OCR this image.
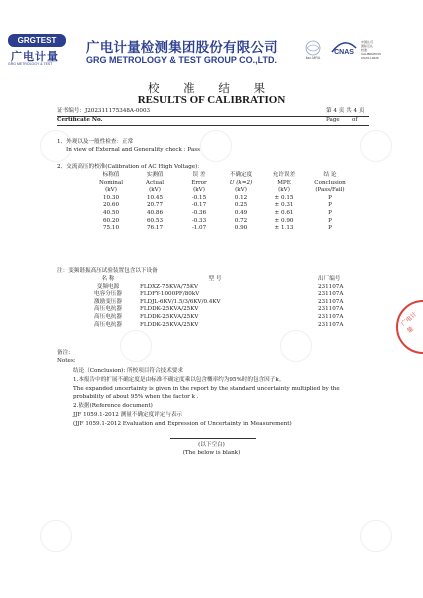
GRGTEST
广电计量
GRG METROLOGY & TEST
广电计量检测集团股份有限公司
GRG METROLOGY & TEST GROUP CO.,LTD.	ilac-MRA
CNAS
中国认可
国际互认
校准
CALIBRATION
CNAS L0446
校 准 结 果
RESULTS OF CALIBRATION
证书编号：J202311175348A-0003	第 4 页 共 4 页
Certificate No.	Page of
1、外观以及一般性检查：正常
In view of External and Generality check : Pass
2、交流高压的校准(Calibration of AC High Voltage)：
标称值	实测值	误 差	不确定度	允许误差	结 论
Nominal	Actual	Error	U (k=2)	MPE	Conclusion
(kV)	(kV)	(kV)	(kV)	(kV)	(Pass/Fail)
10.30	10.45	-0.15	0.12	± 0.15	P
20.60	20.77	-0.17	0.25	± 0.31	P
40.50	40.86	-0.36	0.49	± 0.61	P
60.20	60.53	-0.33	0.72	± 0.90	P
75.10	76.17	-1.07	0.90	± 1.13	P
注：变频谐振高压试验装置包含以下设备
名 称	型 号	出厂编号
变频电源	FLDXZ-75KVA/75KV	231107A
电容分压器	FLDFY-1000PF/80kV	231107A
激励变压器	FLDJL-6KV/1.5/3/6KV/0.4KV	231107A
高压电抗器	FLDDK-25KVA/25KV	231107A
高压电抗器	FLDDK-25KVA/25KV	231107A
高压电抗器	FLDDK-25KVA/25KV	231107A
备注:
Notes:
结论（Conclusion): 所校项目符合技术要求
1.本报告中的扩展不确定度是由标准不确定度乘以包含概率约为95%时的包含因子k。
The expanded uncertainty is given in the report by the standard uncertainty multiplied by the
probability of about 95% when the factor k .
2.依据(Reference document)
JJF 1059.1-2012 测量不确定度评定与表示
(JJF 1059.1-2012 Evaluation and Expression of Uncertainty in Measurement)
(以下空白)
(The below is blank)
广电计量
